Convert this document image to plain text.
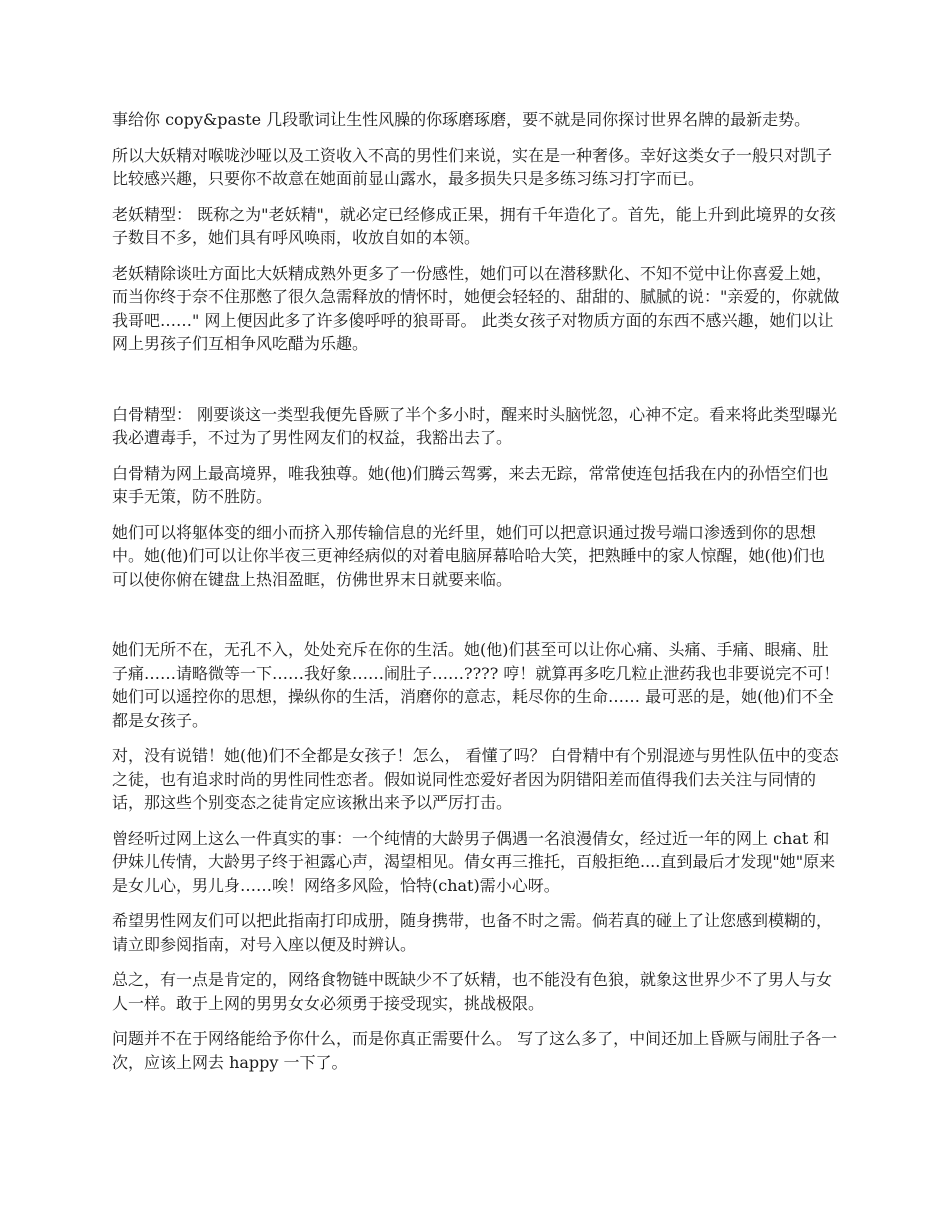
事给你 copy&paste 几段歌词让生性风臊的你琢磨琢磨，要不就是同你探讨世界名牌的最新走势。

所以大妖精对喉咙沙哑以及工资收入不高的男性们来说，实在是一种奢侈。幸好这类女子一般只对凯子比较感兴趣，只要你不故意在她面前显山露水，最多损失只是多练习练习打字而已。

老妖精型： 既称之为"老妖精"，就必定已经修成正果，拥有千年造化了。首先，能上升到此境界的女孩子数目不多，她们具有呼风唤雨，收放自如的本领。

老妖精除谈吐方面比大妖精成熟外更多了一份感性，她们可以在潜移默化、不知不觉中让你喜爱上她，而当你终于奈不住那憋了很久急需释放的情怀时，她便会轻轻的、甜甜的、腻腻的说："亲爱的，你就做我哥吧……" 网上便因此多了许多傻呼呼的狼哥哥。 此类女孩子对物质方面的东西不感兴趣，她们以让网上男孩子们互相争风吃醋为乐趣。

白骨精型： 刚要谈这一类型我便先昏厥了半个多小时，醒来时头脑恍忽，心神不定。看来将此类型曝光我必遭毒手，不过为了男性网友们的权益，我豁出去了。

白骨精为网上最高境界，唯我独尊。她(他)们腾云驾雾，来去无踪，常常使连包括我在内的孙悟空们也束手无策，防不胜防。

她们可以将躯体变的细小而挤入那传输信息的光纤里，她们可以把意识通过拨号端口渗透到你的思想中。她(他)们可以让你半夜三更神经病似的对着电脑屏幕哈哈大笑，把熟睡中的家人惊醒，她(他)们也可以使你俯在键盘上热泪盈眶，仿佛世界末日就要来临。

她们无所不在，无孔不入，处处充斥在你的生活。她(他)们甚至可以让你心痛、头痛、手痛、眼痛、肚子痛……请略微等一下……我好象……闹肚子……???? 哼！就算再多吃几粒止泄药我也非要说完不可！她们可以遥控你的思想，操纵你的生活，消磨你的意志，耗尽你的生命…… 最可恶的是，她(他)们不全都是女孩子。

对，没有说错！她(他)们不全都是女孩子！怎么， 看懂了吗？ 白骨精中有个别混迹与男性队伍中的变态之徒，也有追求时尚的男性同性恋者。假如说同性恋爱好者因为阴错阳差而值得我们去关注与同情的话，那这些个别变态之徒肯定应该揪出来予以严厉打击。

曾经听过网上这么一件真实的事：一个纯情的大龄男子偶遇一名浪漫倩女，经过近一年的网上 chat 和伊妹儿传情，大龄男子终于袒露心声，渴望相见。倩女再三推托，百般拒绝....直到最后才发现"她"原来是女儿心，男儿身……唉！网络多风险，恰特(chat)需小心呀。

希望男性网友们可以把此指南打印成册，随身携带，也备不时之需。倘若真的碰上了让您感到模糊的，请立即参阅指南，对号入座以便及时辨认。

总之，有一点是肯定的，网络食物链中既缺少不了妖精，也不能没有色狼，就象这世界少不了男人与女人一样。敢于上网的男男女女必须勇于接受现实，挑战极限。

问题并不在于网络能给予你什么，而是你真正需要什么。 写了这么多了，中间还加上昏厥与闹肚子各一次，应该上网去 happy 一下了。
